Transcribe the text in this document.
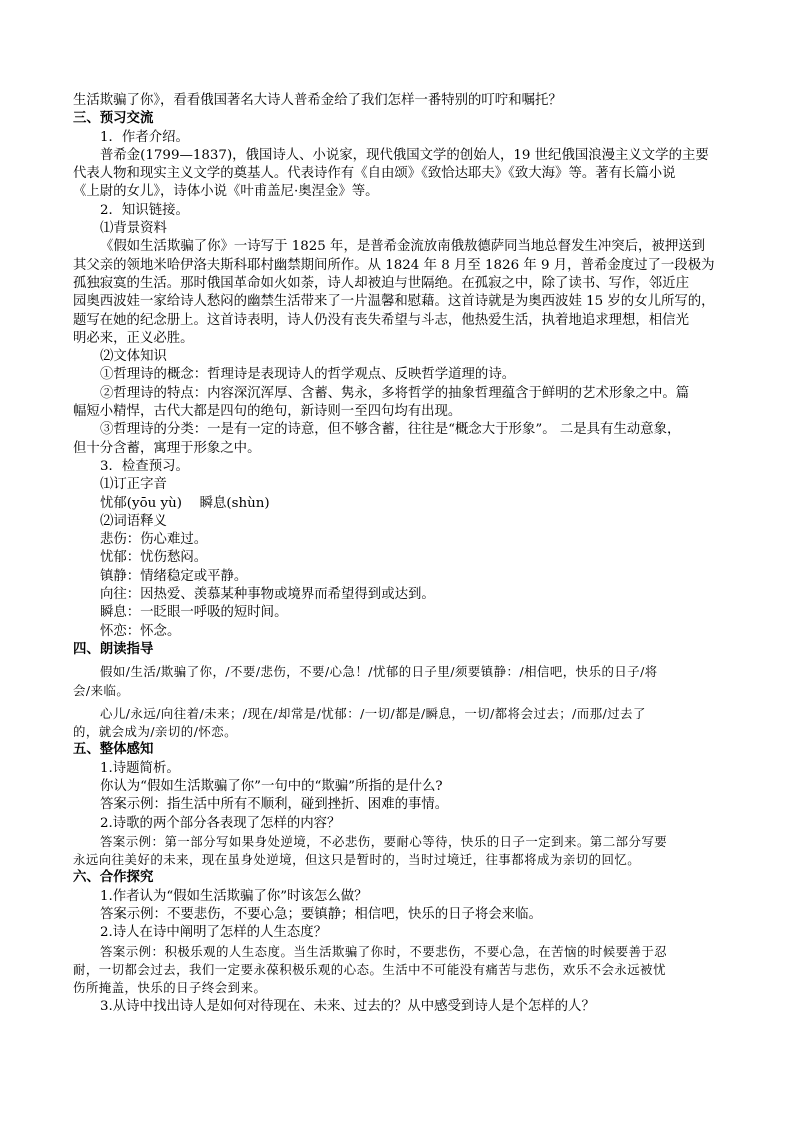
生活欺骗了你》，看看俄国著名大诗人普希金给了我们怎样一番特别的叮咛和嘱托？

三、预习交流

1．作者介绍。

普希金(1799—1837)，俄国诗人、小说家，现代俄国文学的创始人，19 世纪俄国浪漫主义文学的主要

代表人物和现实主义文学的奠基人。代表诗作有《自由颂》《致恰达耶夫》《致大海》等。著有长篇小说

《上尉的女儿》，诗体小说《叶甫盖尼·奥涅金》等。

2．知识链接。

⑴背景资料

《假如生活欺骗了你》一诗写于 1825 年，是普希金流放南俄敖德萨同当地总督发生冲突后，被押送到

其父亲的领地米哈伊洛夫斯科耶村幽禁期间所作。从 1824 年 8 月至 1826 年 9 月，普希金度过了一段极为

孤独寂寞的生活。那时俄国革命如火如荼，诗人却被迫与世隔绝。在孤寂之中，除了读书、写作，邻近庄

园奥西波娃一家给诗人愁闷的幽禁生活带来了一片温馨和慰藉。这首诗就是为奥西波娃 15 岁的女儿所写的，

题写在她的纪念册上。这首诗表明，诗人仍没有丧失希望与斗志，他热爱生活，执着地追求理想，相信光

明必来，正义必胜。

⑵文体知识

①哲理诗的概念：哲理诗是表现诗人的哲学观点、反映哲学道理的诗。

②哲理诗的特点：内容深沉浑厚、含蓄、隽永，多将哲学的抽象哲理蕴含于鲜明的艺术形象之中。篇

幅短小精悍，古代大都是四句的绝句，新诗则一至四句均有出现。

③哲理诗的分类：一是有一定的诗意，但不够含蓄，往往是“概念大于形象”。 二是具有生动意象，

但十分含蓄，寓理于形象之中。

3．检查预习。

⑴订正字音

忧郁(yōu yù)　 瞬息(shùn)

⑵词语释义

悲伤：伤心难过。

忧郁：忧伤愁闷。

镇静：情绪稳定或平静。

向往：因热爱、羡慕某种事物或境界而希望得到或达到。

瞬息：一眨眼一呼吸的短时间。

怀恋：怀念。

四、朗读指导

假如/生活/欺骗了你，/不要/悲伤，不要/心急！/忧郁的日子里/须要镇静：/相信吧，快乐的日子/将

会/来临。

心儿/永远/向往着/未来；/现在/却常是/忧郁：/一切/都是/瞬息，一切/都将会过去；/而那/过去了

的，就会成为/亲切的/怀恋。

五、整体感知

1.诗题简析。

你认为“假如生活欺骗了你”一句中的“欺骗”所指的是什么?

答案示例：指生活中所有不顺利，碰到挫折、困难的事情。

2.诗歌的两个部分各表现了怎样的内容？

答案示例：第一部分写如果身处逆境，不必悲伤，要耐心等待，快乐的日子一定到来。第二部分写要

永远向往美好的未来，现在虽身处逆境，但这只是暂时的，当时过境迁，往事都将成为亲切的回忆。

六、合作探究

1.作者认为“假如生活欺骗了你”时该怎么做？

答案示例：不要悲伤，不要心急；要镇静；相信吧，快乐的日子将会来临。

2.诗人在诗中阐明了怎样的人生态度？

答案示例：积极乐观的人生态度。当生活欺骗了你时，不要悲伤，不要心急，在苦恼的时候要善于忍

耐，一切都会过去，我们一定要永葆积极乐观的心态。生活中不可能没有痛苦与悲伤，欢乐不会永远被忧

伤所掩盖，快乐的日子终会到来。

3.从诗中找出诗人是如何对待现在、未来、过去的？从中感受到诗人是个怎样的人？
